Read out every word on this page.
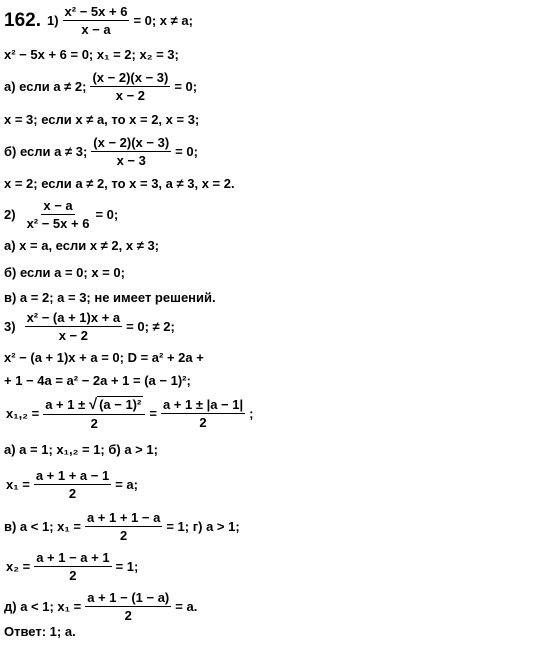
162. $1) \frac{\text{x² − 5x + 6}}{x - a} = 0$; x ≠ a;
x² − 5x + 6 = 0; x₁ = 2; x₂ = 3;
а) если a ≠ 2; $\frac{(x - 2)(x - 3)}{x - 2} = 0$;
x = 3; если x ≠ a, то x = 2, x = 3;
б) если a ≠ 3; $\frac{(x - 2)(x - 3)}{x - 3} = 0$;
x = 2; если a ≠ 2, то x = 3, a ≠ 3, x = 2.
$2) \frac{x - a}{\text{x² − 5x + 6}} = 0$;
а) x = a, если x ≠ 2, x ≠ 3;
б) если a = 0; x = 0;
в) a = 2; a = 3; не имеет решений.
$3) \frac{\text{x² − (a + 1)x + a}}{x - 2} = 0$; ≠ 2;
x² − (a + 1)x + a = 0; D = a² + 2a +
+ 1 − 4a = a² − 2a + 1 = (a − 1)²;
$x_1,_2 = \frac{\text{a + 1 ± √ (a − 1)²}}{2} = \frac{a + 1 \pm |a - 1|}{2}$ ;
а) a = 1; x₁,₂ = 1; б) a > 1;
$x_1 = \frac{a + 1 + a - 1}{2} = a$;
в) a < 1; $x_1 = \frac{a + 1 + 1 - a}{2} = 1$; г) a > 1;
$x_2 = \frac{a + 1 - a + 1}{2} = 1$;
д) a < 1; $x_1 = \frac{a + 1 - (1 - a)}{2} = a$.
Ответ: 1; a.
